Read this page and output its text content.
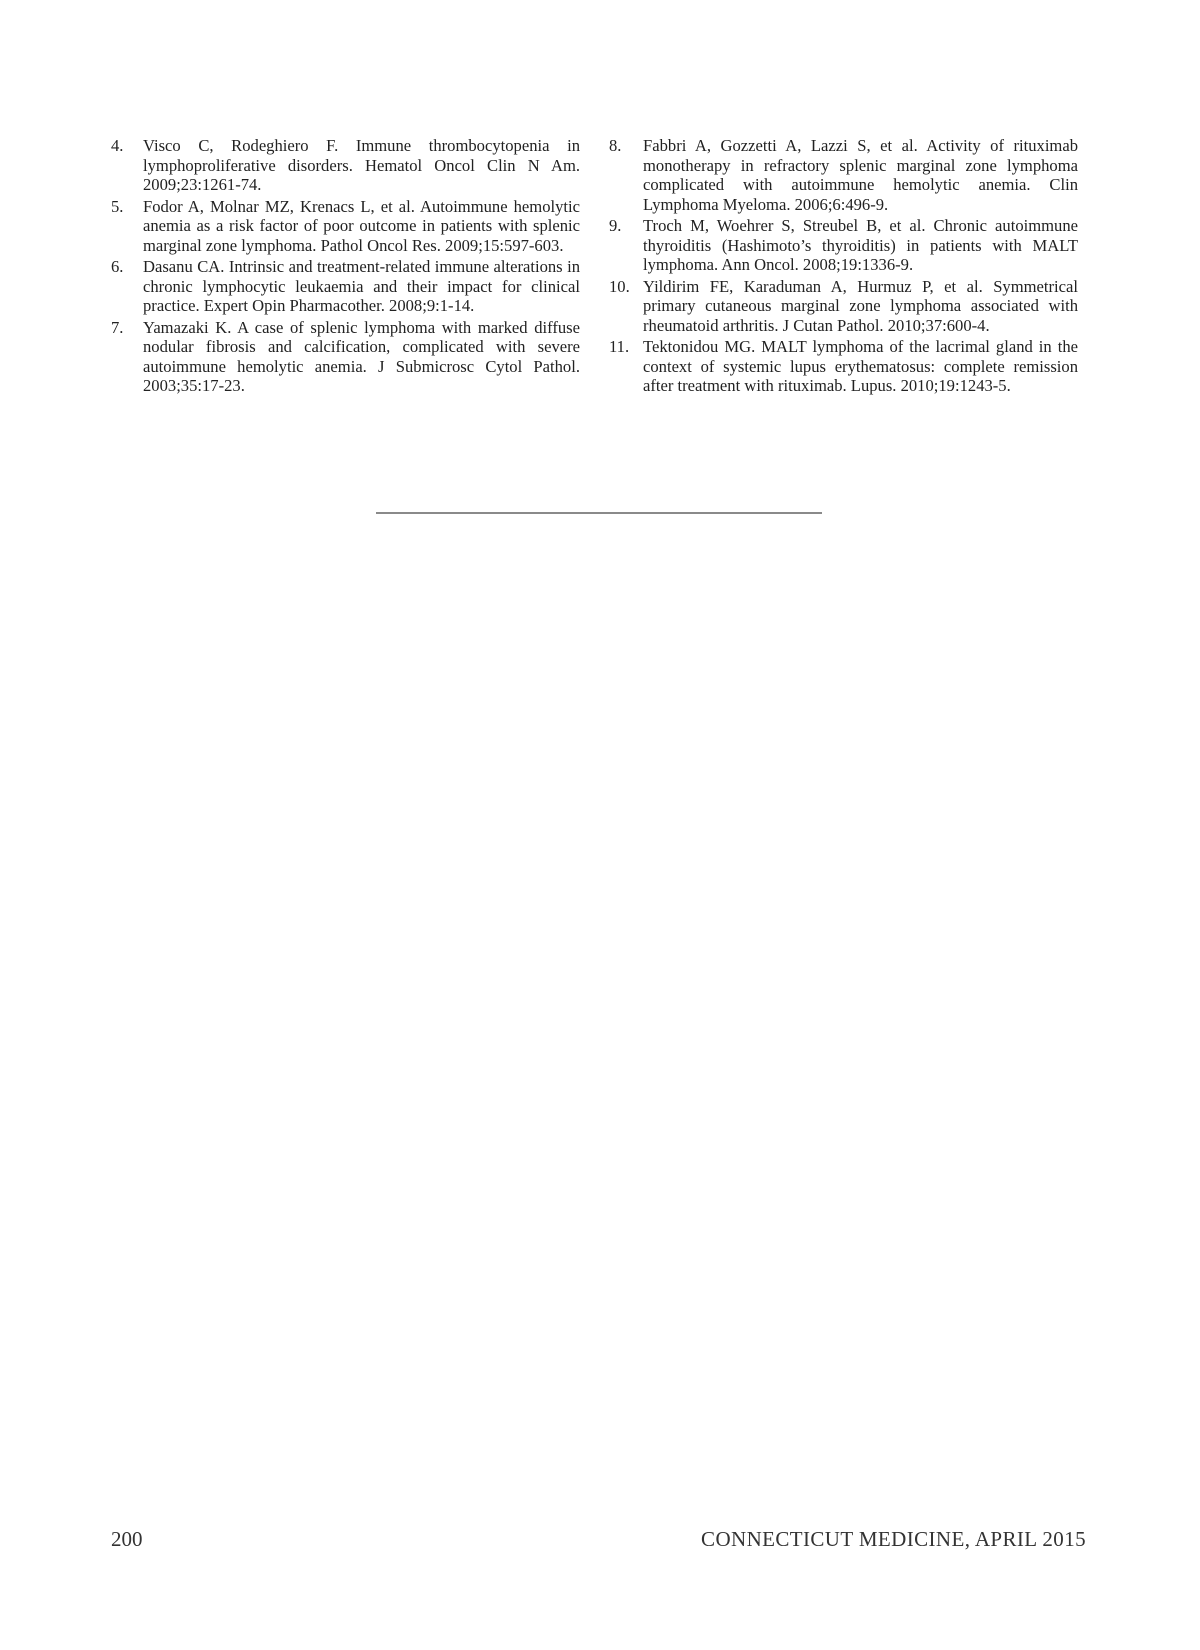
4. Visco C, Rodeghiero F. Immune thrombocytopenia in lymphoproliferative disorders. Hematol Oncol Clin N Am. 2009;23:1261-74.
5. Fodor A, Molnar MZ, Krenacs L, et al. Autoimmune hemolytic anemia as a risk factor of poor outcome in patients with splenic marginal zone lymphoma. Pathol Oncol Res. 2009;15:597-603.
6. Dasanu CA. Intrinsic and treatment-related immune alterations in chronic lymphocytic leukaemia and their impact for clinical practice. Expert Opin Pharmacother. 2008;9:1-14.
7. Yamazaki K. A case of splenic lymphoma with marked diffuse nodular fibrosis and calcification, complicated with severe autoimmune hemolytic anemia. J Submicrosc Cytol Pathol. 2003;35:17-23.
8. Fabbri A, Gozzetti A, Lazzi S, et al. Activity of rituximab monotherapy in refractory splenic marginal zone lymphoma complicated with autoimmune hemolytic anemia. Clin Lymphoma Myeloma. 2006;6:496-9.
9. Troch M, Woehrer S, Streubel B, et al. Chronic autoimmune thyroiditis (Hashimoto’s thyroiditis) in patients with MALT lymphoma. Ann Oncol. 2008;19:1336-9.
10. Yildirim FE, Karaduman A, Hurmuz P, et al. Symmetrical primary cutaneous marginal zone lymphoma associated with rheumatoid arthritis. J Cutan Pathol. 2010;37:600-4.
11. Tektonidou MG. MALT lymphoma of the lacrimal gland in the context of systemic lupus erythematosus: complete remission after treatment with rituximab. Lupus. 2010;19:1243-5.
200	CONNECTICUT MEDICINE, APRIL 2015
